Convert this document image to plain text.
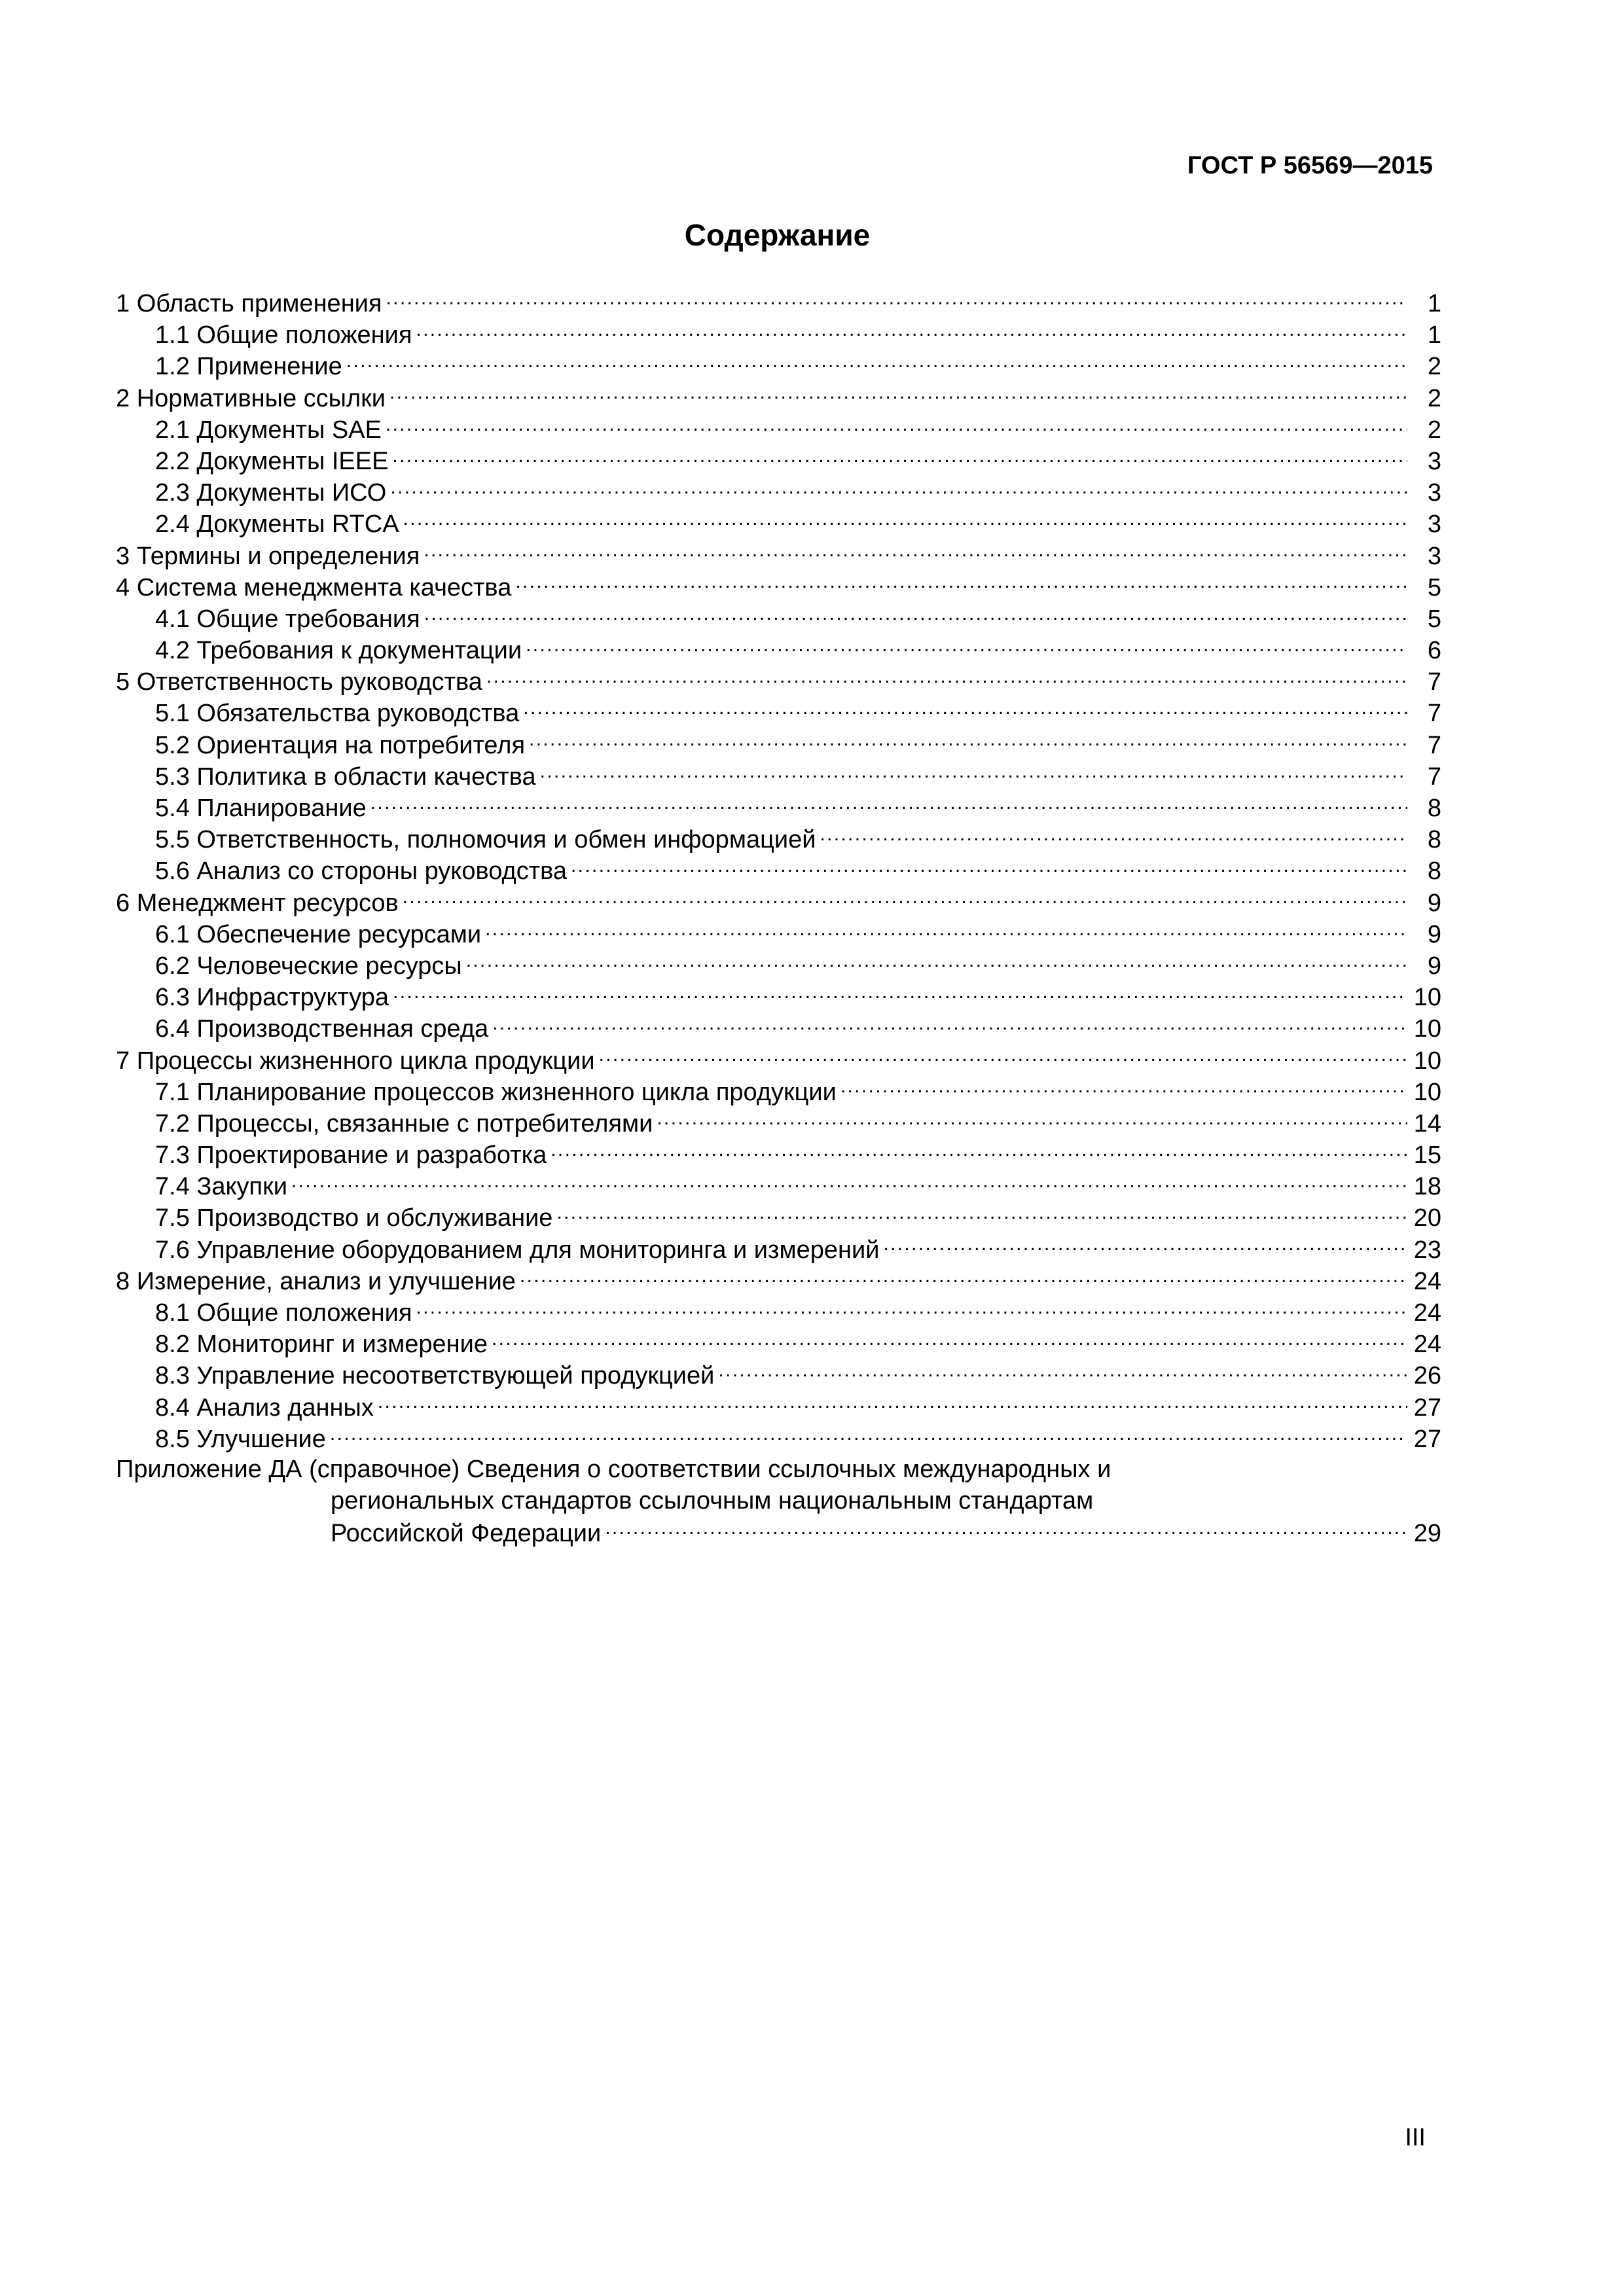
ГОСТ Р 56569—2015
Содержание
1 Область применения . . .	1
1.1 Общие положения . . .	1
1.2 Применение . . .	2
2 Нормативные ссылки . . .	2
2.1 Документы SAE . . .	2
2.2 Документы IEEE . . .	3
2.3 Документы ИСО . . .	3
2.4 Документы RTCA . . .	3
3 Термины и определения . . .	3
4 Система менеджмента качества . . .	5
4.1 Общие требования . . .	5
4.2 Требования к документации . . .	6
5 Ответственность руководства . . .	7
5.1 Обязательства руководства . . .	7
5.2 Ориентация на потребителя . . .	7
5.3 Политика в области качества . . .	7
5.4 Планирование . . .	8
5.5 Ответственность, полномочия и обмен информацией . . .	8
5.6 Анализ со стороны руководства . . .	8
6 Менеджмент ресурсов . . .	9
6.1 Обеспечение ресурсами . . .	9
6.2 Человеческие ресурсы . . .	9
6.3 Инфраструктура . . .	10
6.4 Производственная среда . . .	10
7 Процессы жизненного цикла продукции . . .	10
7.1 Планирование процессов жизненного цикла продукции . . .	10
7.2 Процессы, связанные с потребителями . . .	14
7.3 Проектирование и разработка . . .	15
7.4 Закупки . . .	18
7.5 Производство и обслуживание . . .	20
7.6 Управление оборудованием для мониторинга и измерений . . .	23
8 Измерение, анализ и улучшение . . .	24
8.1 Общие положения . . .	24
8.2 Мониторинг и измерение . . .	24
8.3 Управление несоответствующей продукцией . . .	26
8.4 Анализ данных . . .	27
8.5 Улучшение . . .	27
Приложение ДА (справочное) Сведения о соответствии ссылочных международных и
региональных стандартов ссылочным национальным стандартам
Российской Федерации . . .	29
III
